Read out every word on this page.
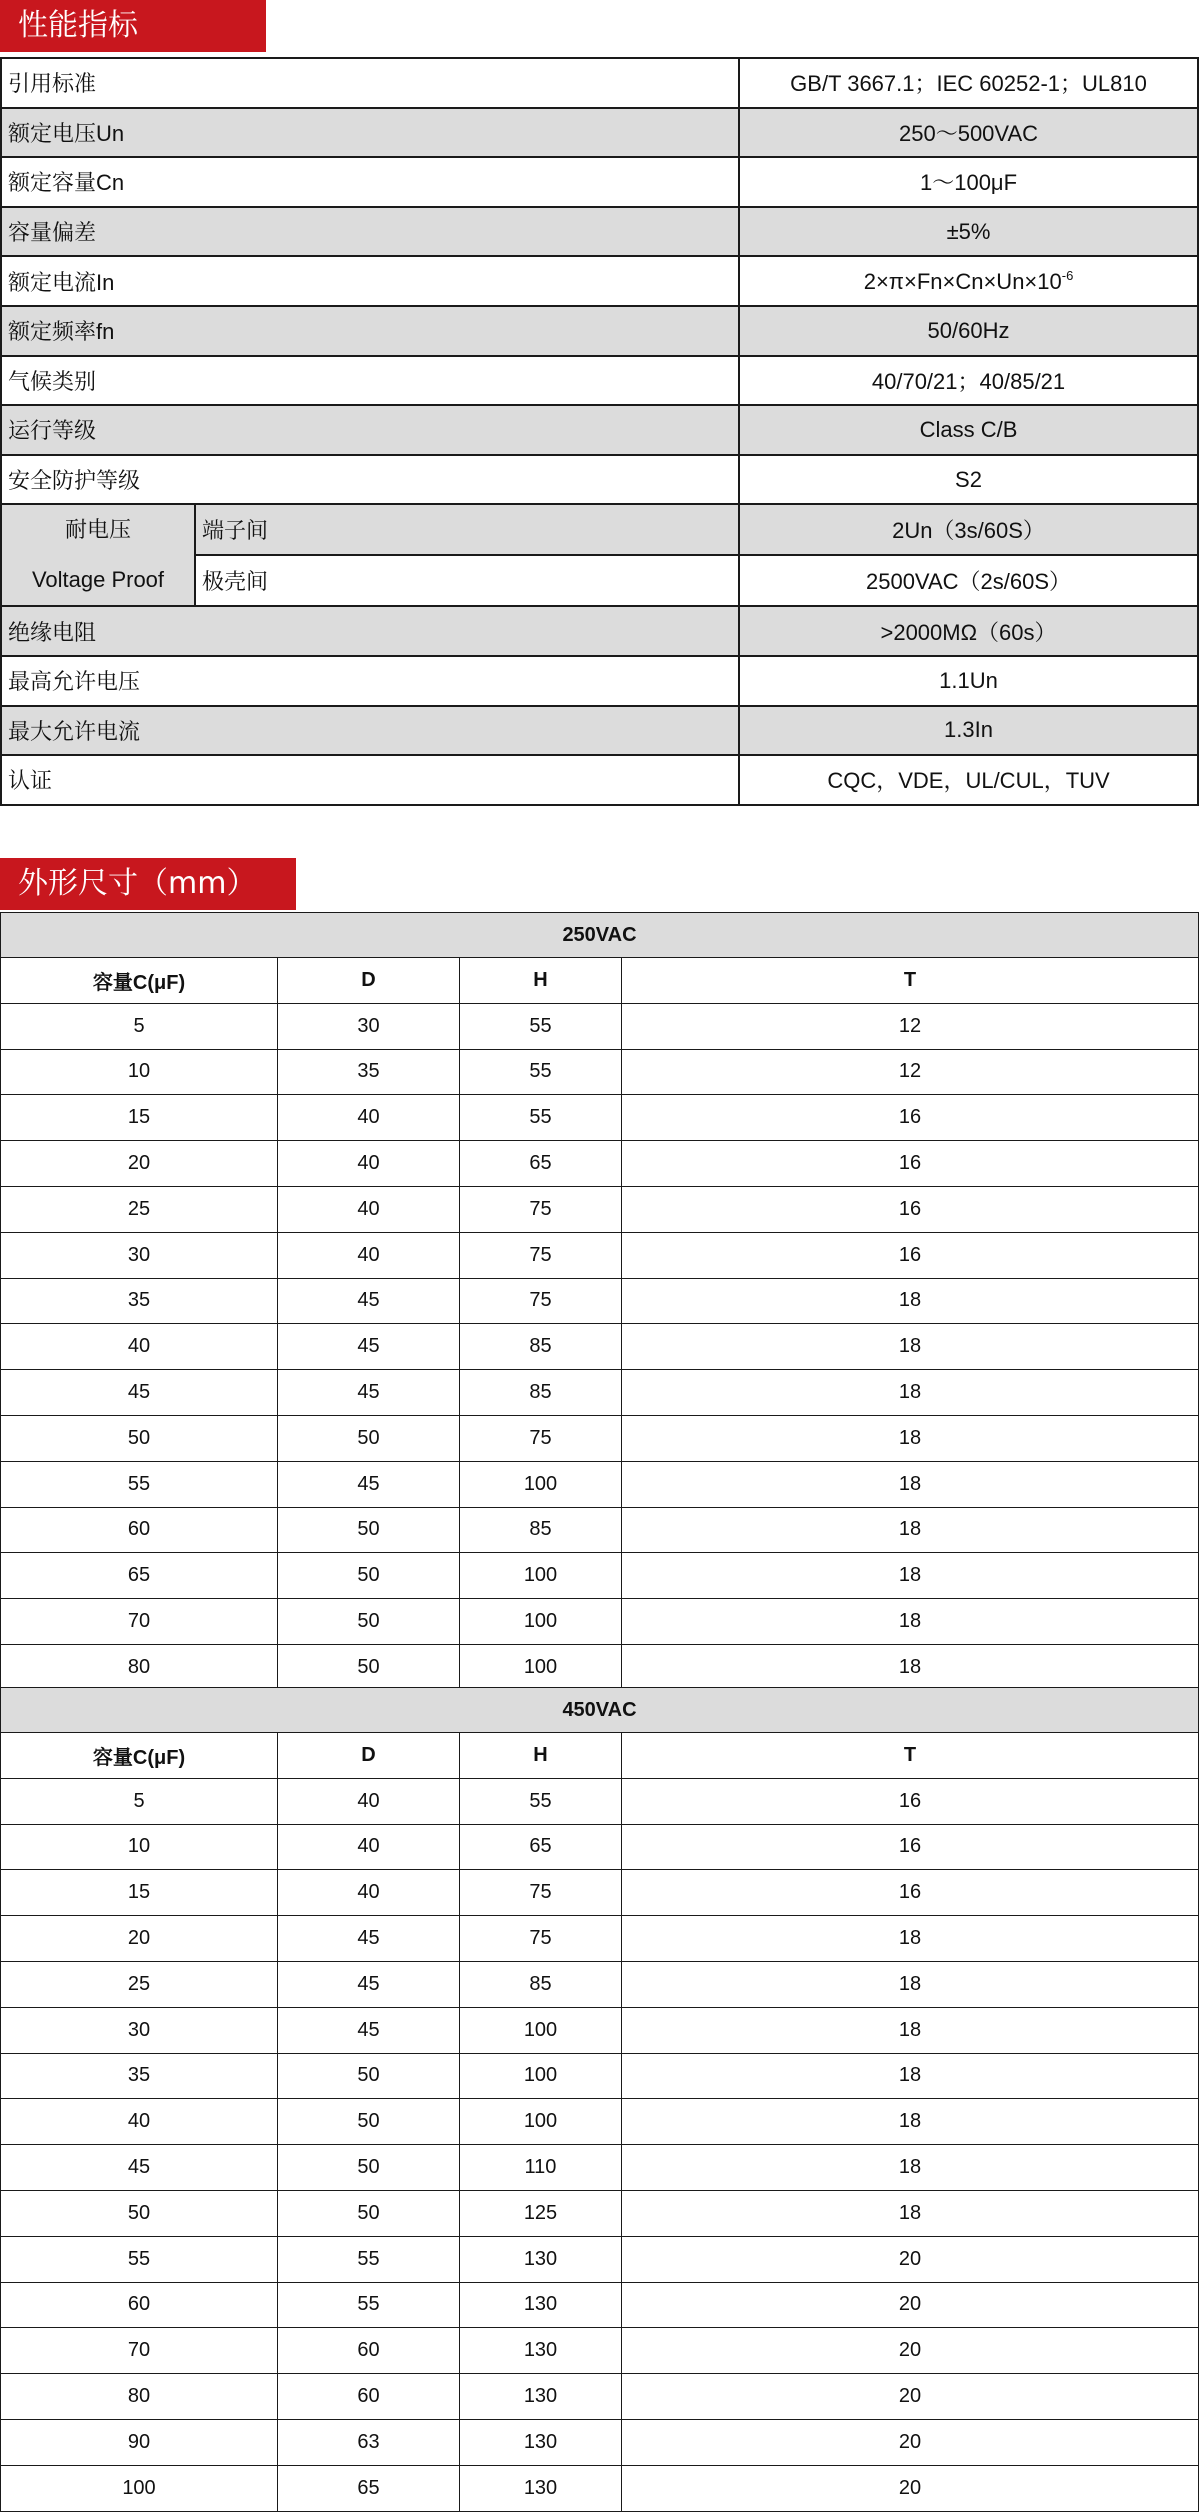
性能指标
引用标准		GB/T 3667.1；IEC 60252-1；UL810
额定电压Un		250～500VAC
额定容量Cn		1～100μF
容量偏差		±5%
额定电流In		$2\times\pi\times Fn\times Cn\times Un\times 10^{-6}$
额定频率fn		50/60Hz
气候类别		40/70/21；40/85/21
运行等级		Class C/B
安全防护等级		S2

耐电压
Voltage Proof	端子间	2Un（3s/60S）
	极壳间	2500VAC（2s/60S）
绝缘电阻		>2000MΩ（60s）
最高允许电压		1.1Un
最大允许电流		1.3In
认证		CQC，VDE，UL/CUL，TUV
外形尺寸（mm）
250VAC			
容量C(μF)	D	H	T
5	30	55	12
10	35	55	12
15	40	55	16
20	40	65	16
25	40	75	16
30	40	75	16
35	45	75	18
40	45	85	18
45	45	85	18
50	50	75	18
55	45	100	18
60	50	85	18
65	50	100	18
70	50	100	18
80	50	100	18
450VAC			
容量C(μF)	D	H	T
5	40	55	16
10	40	65	16
15	40	75	16
20	45	75	18
25	45	85	18
30	45	100	18
35	50	100	18
40	50	100	18
45	50	110	18
50	50	125	18
55	55	130	20
60	55	130	20
70	60	130	20
80	60	130	20
90	63	130	20
100	65	130	20
